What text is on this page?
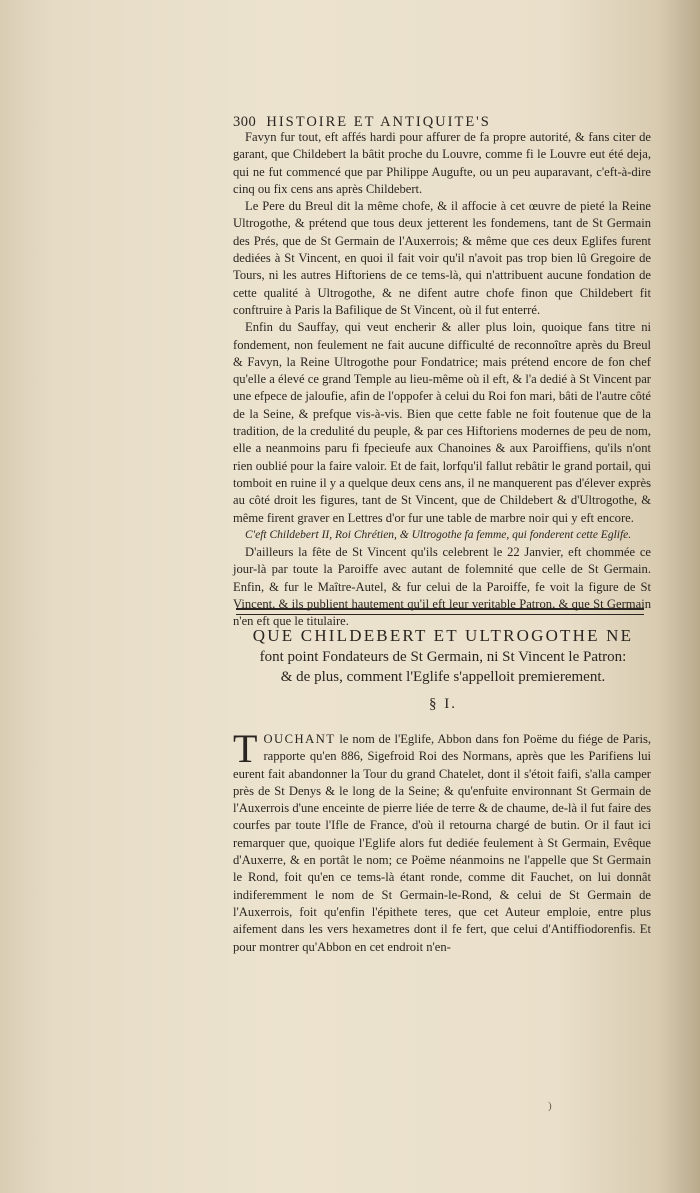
300 HISTOIRE ET ANTIQUITE'S

Favyn fur tout, eft affés hardi pour affurer de fa propre autorité, & fans citer de garant, que Childebert la bâtit proche du Louvre, comme fi le Louvre eut été deja, qui ne fut commencé que par Philippe Augufte, ou un peu auparavant, c'eft-à-dire cinq ou fix cens ans après Childebert.

Le Pere du Breul dit la même chofe, & il affocie à cet œuvre de pieté la Reine Ultrogothe, & prétend que tous deux jetterent les fondemens, tant de St Germain des Prés, que de St Germain de l'Auxerrois; & même que ces deux Eglifes furent dediées à St Vincent, en quoi il fait voir qu'il n'avoit pas trop bien lû Gregoire de Tours, ni les autres Hiftoriens de ce tems-là, qui n'attribuent aucune fondation de cette qualité à Ultrogothe, & ne difent autre chofe finon que Childebert fit conftruire à Paris la Bafilique de St Vincent, où il fut enterré.

Enfin du Sauffay, qui veut encherir & aller plus loin, quoique fans titre ni fondement, non feulement ne fait aucune difficulté de reconnoître après du Breul & Favyn, la Reine Ultrogothe pour Fondatrice; mais prétend encore de fon chef qu'elle a élevé ce grand Temple au lieu-même où il eft, & l'a dedié à St Vincent par une efpece de jaloufie, afin de l'oppofer à celui du Roi fon mari, bâti de l'autre côté de la Seine, & prefque vis-à-vis. Bien que cette fable ne foit foutenue que de la tradition, de la credulité du peuple, & par ces Hiftoriens modernes de peu de nom, elle a neanmoins paru fi fpecieufe aux Chanoines & aux Paroiffiens, qu'ils n'ont rien oublié pour la faire valoir. Et de fait, lorfqu'il fallut rebâtir le grand portail, qui tomboit en ruine il y a quelque deux cens ans, il ne manquerent pas d'élever exprès au côté droit les figures, tant de St Vincent, que de Childebert & d'Ultrogothe, & même firent graver en Lettres d'or fur une table de marbre noir qui y eft encore.

C'eft Childebert II, Roi Chrétien, & Ultrogothe fa femme, qui fonderent cette Eglife.

D'ailleurs la fête de St Vincent qu'ils celebrent le 22 Janvier, eft chommée ce jour-là par toute la Paroiffe avec autant de folemnité que celle de St Germain. Enfin, & fur le Maître-Autel, & fur celui de la Paroiffe, fe voit la figure de St Vincent, & ils publient hautement qu'il eft leur veritable Patron, & que St Germain n'en eft que le titulaire.

QUE CHILDEBERT ET ULTROGOTHE NE
font point Fondateurs de St Germain, ni St Vincent le Patron:
& de plus, comment l'Eglife s'appelloit premierement.
§ I.

TOUCHANT le nom de l'Eglife, Abbon dans fon Poëme du fiége de Paris, rapporte qu'en 886, Sigefroid Roi des Normans, après que les Parifiens lui eurent fait abandonner la Tour du grand Chatelet, dont il s'étoit faifi, s'alla camper près de St Denys & le long de la Seine; & qu'enfuite environnant St Germain de l'Auxerrois d'une enceinte de pierre liée de terre & de chaume, de-là il fut faire des courfes par toute l'Ifle de France, d'où il retourna chargé de butin. Or il faut ici remarquer que, quoique l'Eglife alors fut dediée feulement à St Germain, Evêque d'Auxerre, & en portât le nom; ce Poëme néanmoins ne l'appelle que St Germain le Rond, foit qu'en ce tems-là étant ronde, comme dit Fauchet, on lui donnât indiferemment le nom de St Germain-le-Rond, & celui de St Germain de l'Auxerrois, foit qu'enfin l'épithete teres, que cet Auteur emploie, entre plus aifement dans les vers hexametres dont il fe fert, que celui d'Antiffiodorenfis. Et pour montrer qu'Abbon en cet endroit n'en-

)
